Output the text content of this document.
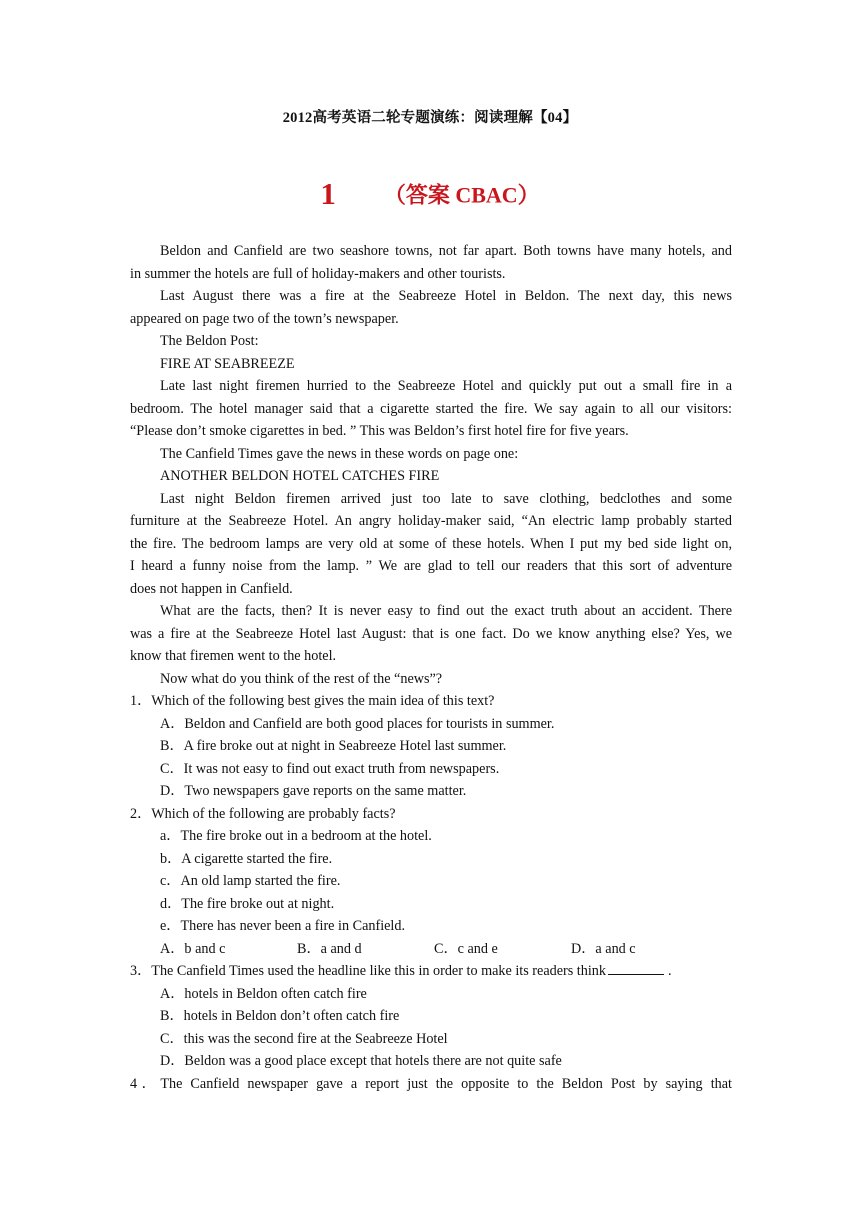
2012高考英语二轮专题演练：阅读理解【04】
1 （答案 CBAC）
Beldon and Canfield are two seashore towns, not far apart. Both towns have many hotels, and
in summer the hotels are full of holiday-makers and other tourists.
Last August there was a fire at the Seabreeze Hotel in Beldon. The next day, this news
appeared on page two of the town’s newspaper.
The Beldon Post:
FIRE AT SEABREEZE
Late last night firemen hurried to the Seabreeze Hotel and quickly put out a small fire in a
bedroom. The hotel manager said that a cigarette started the fire. We say again to all our visitors:
“Please don’t smoke cigarettes in bed. ” This was Beldon’s first hotel fire for five years.
The Canfield Times gave the news in these words on page one:
ANOTHER BELDON HOTEL CATCHES FIRE
Last night Beldon firemen arrived just too late to save clothing, bedclothes and some
furniture at the Seabreeze Hotel. An angry holiday-maker said, “An electric lamp probably started
the fire. The bedroom lamps are very old at some of these hotels. When I put my bed side light on,
I heard a funny noise from the lamp. ” We are glad to tell our readers that this sort of adventure
does not happen in Canfield.
What are the facts, then? It is never easy to find out the exact truth about an accident. There
was a fire at the Seabreeze Hotel last August: that is one fact. Do we know anything else? Yes, we
know that firemen went to the hotel.
Now what do you think of the rest of the “news”?
1．Which of the following best gives the main idea of this text?
A．Beldon and Canfield are both good places for tourists in summer.
B．A fire broke out at night in Seabreeze Hotel last summer.
C．It was not easy to find out exact truth from newspapers.
D．Two newspapers gave reports on the same matter.
2．Which of the following are probably facts?
a．The fire broke out in a bedroom at the hotel.
b．A cigarette started the fire.
c．An old lamp started the fire.
d．The fire broke out at night.
e．There has never been a fire in Canfield.
A．b and c	B．a and d	C．c and e	D．a and c
3．The Canfield Times used the headline like this in order to make its readers think	.
A．hotels in Beldon often catch fire
B．hotels in Beldon don’t often catch fire
C．this was the second fire at the Seabreeze Hotel
D．Beldon was a good place except that hotels there are not quite safe
4．The Canfield newspaper gave a report just the opposite to the Beldon Post by saying that
